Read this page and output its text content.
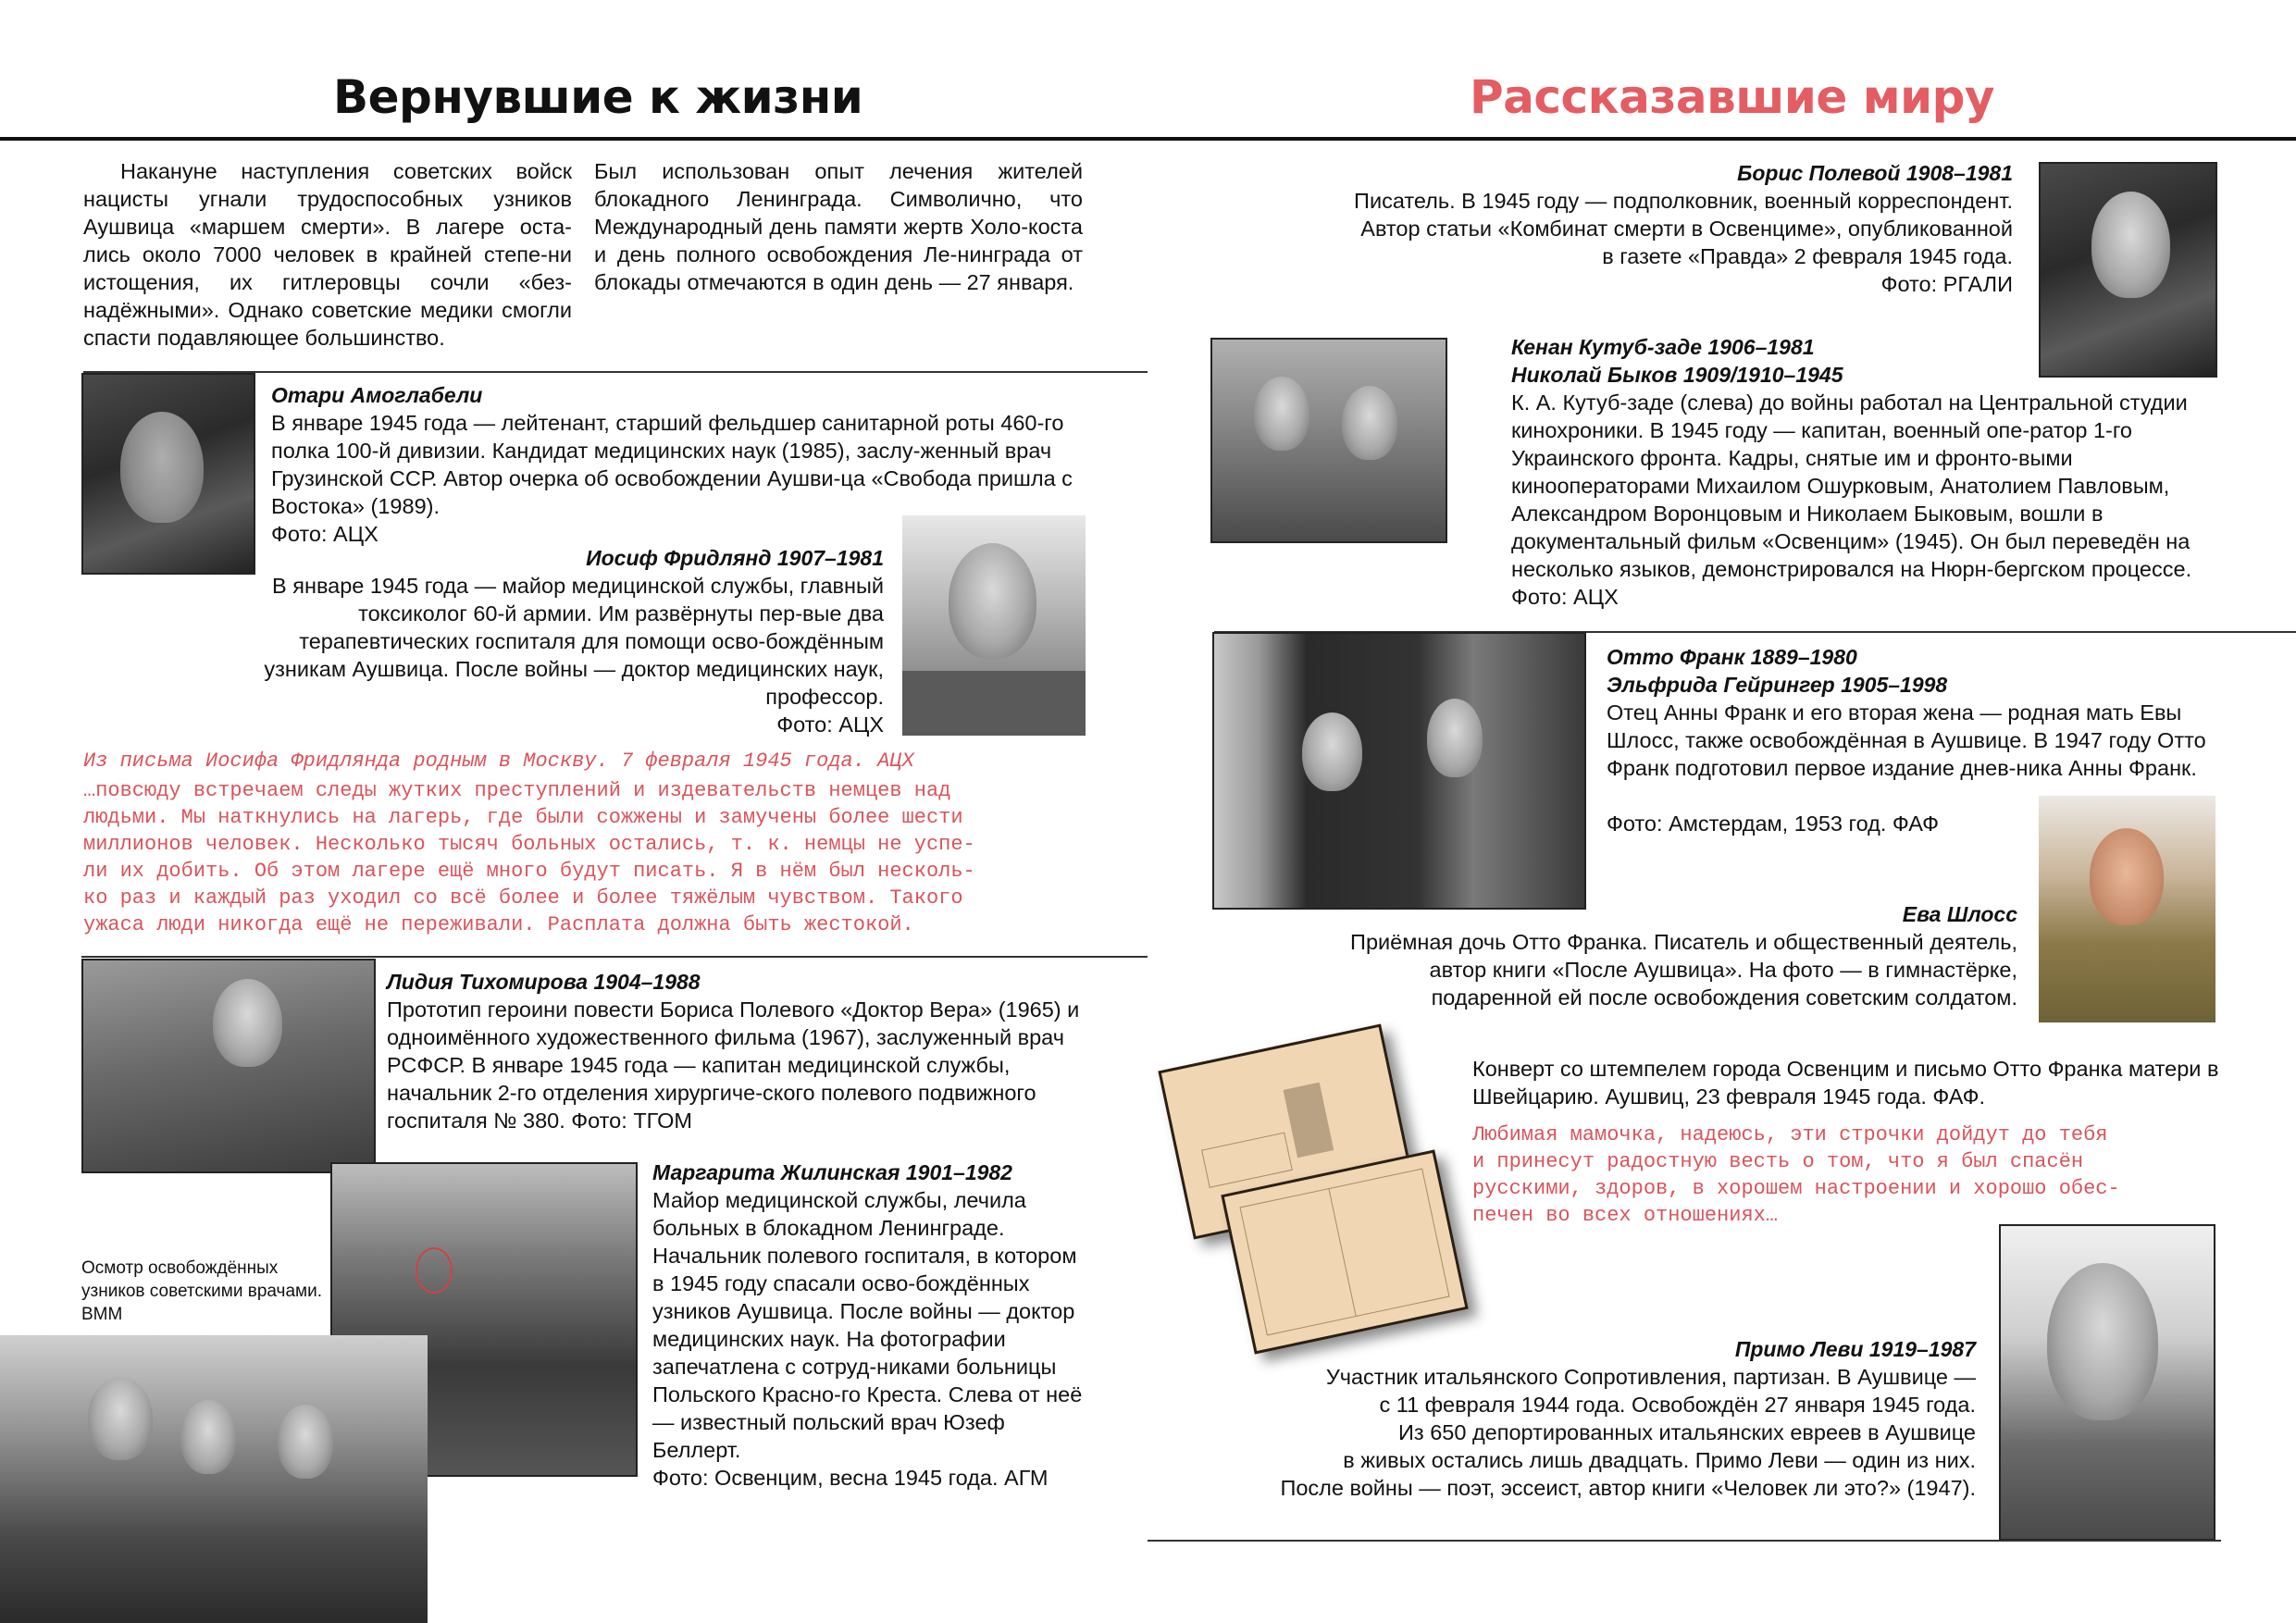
Вернувшие к жизни	Рассказавшие миру
Накануне наступления советских войск нацисты угнали трудоспособных узников Аушвица «маршем смерти». В лагере оста-лись около 7000 человек в крайней степе-ни истощения, их гитлеровцы сочли «без-надёжными». Однако советские медики смогли спасти подавляющее большинство.
Был использован опыт лечения жителей блокадного Ленинграда. Символично, что Международный день памяти жертв Холо-коста и день полного освобождения Ле-нинграда от блокады отмечаются в один день — 27 января.
Отари Амоглабели
В январе 1945 года — лейтенант, старший фельдшер санитарной роты 460-го полка 100-й дивизии. Кандидат медицинских наук (1985), заслу-женный врач Грузинской ССР. Автор очерка об освобождении Аушви-ца «Свобода пришла с Востока» (1989).
Фото: АЦХ
Иосиф Фридлянд 1907–1981
В январе 1945 года — майор медицинской службы, главный токсиколог 60-й армии. Им развёрнуты пер-вые два терапевтических госпиталя для помощи осво-бождённым узникам Аушвица. После войны — доктор медицинских наук, профессор.
Фото: АЦХ
Из письма Иосифа Фридлянда родным в Москву. 7 февраля 1945 года. АЦХ
…повсюду встречаем следы жутких преступлений и издевательств немцев над
людьми. Мы наткнулись на лагерь, где были сожжены и замучены более шести
миллионов человек. Несколько тысяч больных остались, т. к. немцы не успе-
ли их добить. Об этом лагере ещё много будут писать. Я в нём был несколь-
ко раз и каждый раз уходил со всё более и более тяжёлым чувством. Такого
ужаса люди никогда ещё не переживали. Расплата должна быть жестокой.
Лидия Тихомирова 1904–1988
Прототип героини повести Бориса Полевого «Доктор Вера» (1965) и одноимённого художественного фильма (1967), заслуженный врач РСФСР. В январе 1945 года — капитан медицинской службы, начальник 2-го отделения хирургиче-ского полевого подвижного госпиталя № 380. Фото: ТГОМ
Маргарита Жилинская 1901–1982
Майор медицинской службы, лечила больных в блокадном Ленинграде. Начальник полевого госпиталя, в котором в 1945 году спасали осво-бождённых узников Аушвица. После войны — доктор медицинских наук. На фотографии запечатлена с сотруд-никами больницы Польского Красно-го Креста. Слева от неё — известный польский врач Юзеф Беллерт.
Фото: Освенцим, весна 1945 года. АГМ
Осмотр освобождённых узников советскими врачами. ВММ
Борис Полевой 1908–1981
Писатель. В 1945 году — подполковник, военный корреспондент.
Автор статьи «Комбинат смерти в Освенциме», опубликованной
в газете «Правда» 2 февраля 1945 года.
Фото: РГАЛИ
Кенан Кутуб-заде 1906–1981
Николай Быков 1909/1910–1945
К. А. Кутуб-заде (слева) до войны работал на Центральной студии кинохроники. В 1945 году — капитан, военный опе-ратор 1-го Украинского фронта. Кадры, снятые им и фронто-выми кинооператорами Михаилом Ошурковым, Анатолием Павловым, Александром Воронцовым и Николаем Быковым, вошли в документальный фильм «Освенцим» (1945). Он был переведён на несколько языков, демонстрировался на Нюрн-бергском процессе. Фото: АЦХ
Отто Франк 1889–1980
Эльфрида Гейрингер 1905–1998
Отец Анны Франк и его вторая жена — родная мать Евы Шлосс, также освобождённая в Аушвице. В 1947 году Отто Франк подготовил первое издание днев-ника Анны Франк.
Фото: Амстердам, 1953 год. ФАФ
Ева Шлосс
Приёмная дочь Отто Франка. Писатель и общественный деятель,
автор книги «После Аушвица». На фото — в гимнастёрке,
подаренной ей после освобождения советским солдатом.
Конверт со штемпелем города Освенцим и письмо Отто Франка матери в Швейцарию. Аушвиц, 23 февраля 1945 года. ФАФ.
Любимая мамочка, надеюсь, эти строчки дойдут до тебя
и принесут радостную весть о том, что я был спасён
русскими, здоров, в хорошем настроении и хорошо обес-
печен во всех отношениях…
Примо Леви 1919–1987
Участник итальянского Сопротивления, партизан. В Аушвице —
с 11 февраля 1944 года. Освобождён 27 января 1945 года.
Из 650 депортированных итальянских евреев в Аушвице
в живых остались лишь двадцать. Примо Леви — один из них.
После войны — поэт, эссеист, автор книги «Человек ли это?» (1947).
